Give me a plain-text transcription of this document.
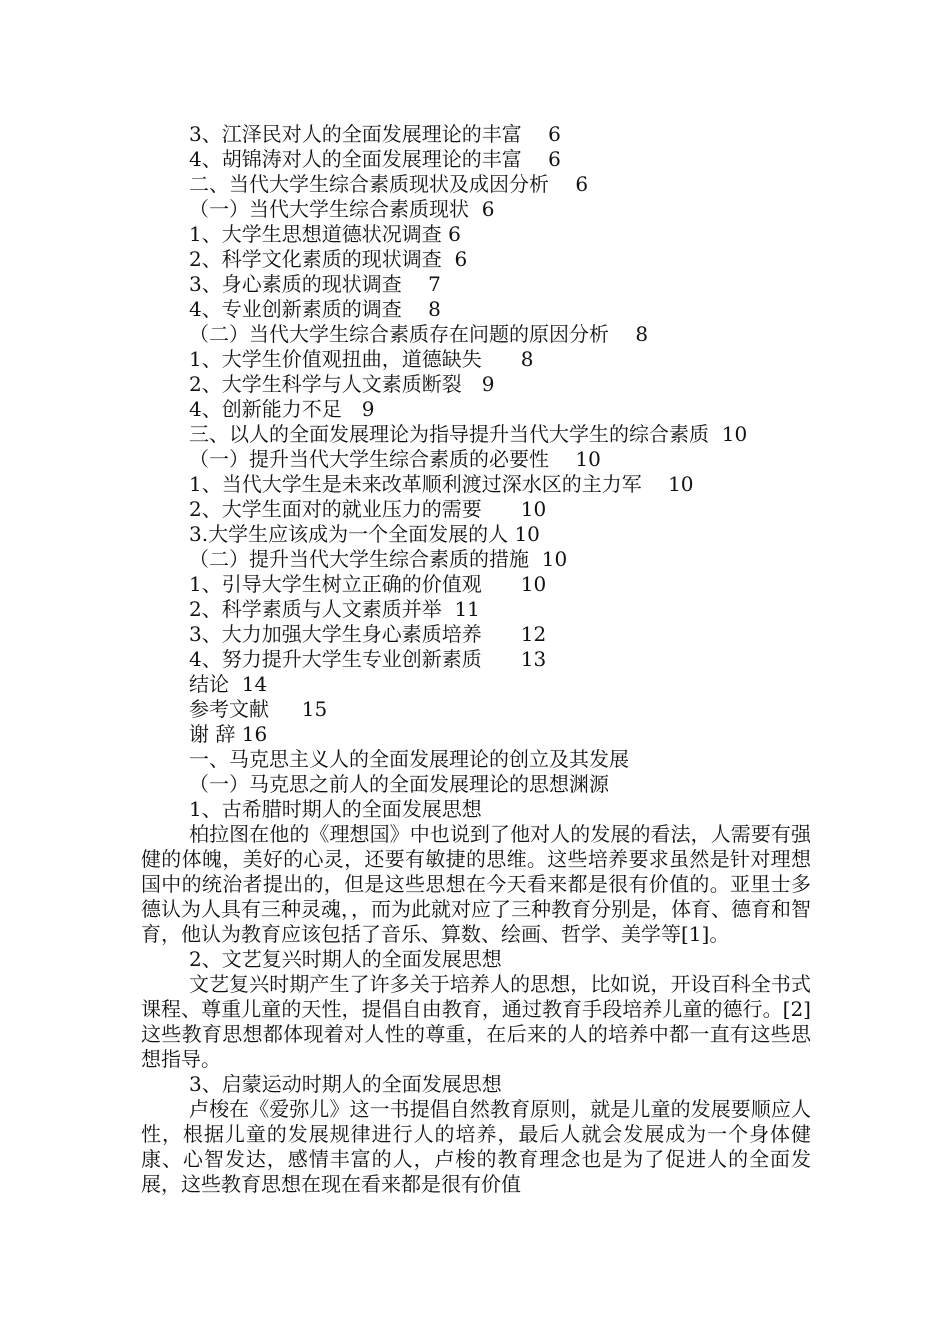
3、江泽民对人的全面发展理论的丰富　 6
4、胡锦涛对人的全面发展理论的丰富　 6
二、当代大学生综合素质现状及成因分析　 6
（一）当代大学生综合素质现状  6
1、大学生思想道德状况调查 6
2、科学文化素质的现状调查  6
3、身心素质的现状调查　 7
4、专业创新素质的调查　 8
（二）当代大学生综合素质存在问题的原因分析　 8
1、大学生价值观扭曲，道德缺失　   8
2、大学生科学与人文素质断裂　9
4、创新能力不足　9
三、以人的全面发展理论为指导提升当代大学生的综合素质  10
（一）提升当代大学生综合素质的必要性　 10
1、当代大学生是未来改革顺利渡过深水区的主力军　 10
2、大学生面对的就业压力的需要　   10
3.大学生应该成为一个全面发展的人 10
（二）提升当代大学生综合素质的措施  10
1、引导大学生树立正确的价值观　   10
2、科学素质与人文素质并举  11
3、大力加强大学生身心素质培养　   12
4、努力提升大学生专业创新素质　   13
结论  14
参考文献　  15
谢 辞 16
一、马克思主义人的全面发展理论的创立及其发展
（一）马克思之前人的全面发展理论的思想渊源
1、古希腊时期人的全面发展思想

柏拉图在他的《理想国》中也说到了他对人的发展的看法，人需要有强健的体魄，美好的心灵，还要有敏捷的思维。这些培养要求虽然是针对理想国中的统治者提出的，但是这些思想在今天看来都是很有价值的。亚里士多德认为人具有三种灵魂，，而为此就对应了三种教育分别是，体育、德育和智育，他认为教育应该包括了音乐、算数、绘画、哲学、美学等[1]。

2、文艺复兴时期人的全面发展思想

文艺复兴时期产生了许多关于培养人的思想，比如说，开设百科全书式课程、尊重儿童的天性，提倡自由教育，通过教育手段培养儿童的德行。[2]这些教育思想都体现着对人性的尊重，在后来的人的培养中都一直有这些思想指导。

3、启蒙运动时期人的全面发展思想

卢梭在《爱弥儿》这一书提倡自然教育原则，就是儿童的发展要顺应人性，根据儿童的发展规律进行人的培养，最后人就会发展成为一个身体健康、心智发达，感情丰富的人，卢梭的教育理念也是为了促进人的全面发展，这些教育思想在现在看来都是很有价值
